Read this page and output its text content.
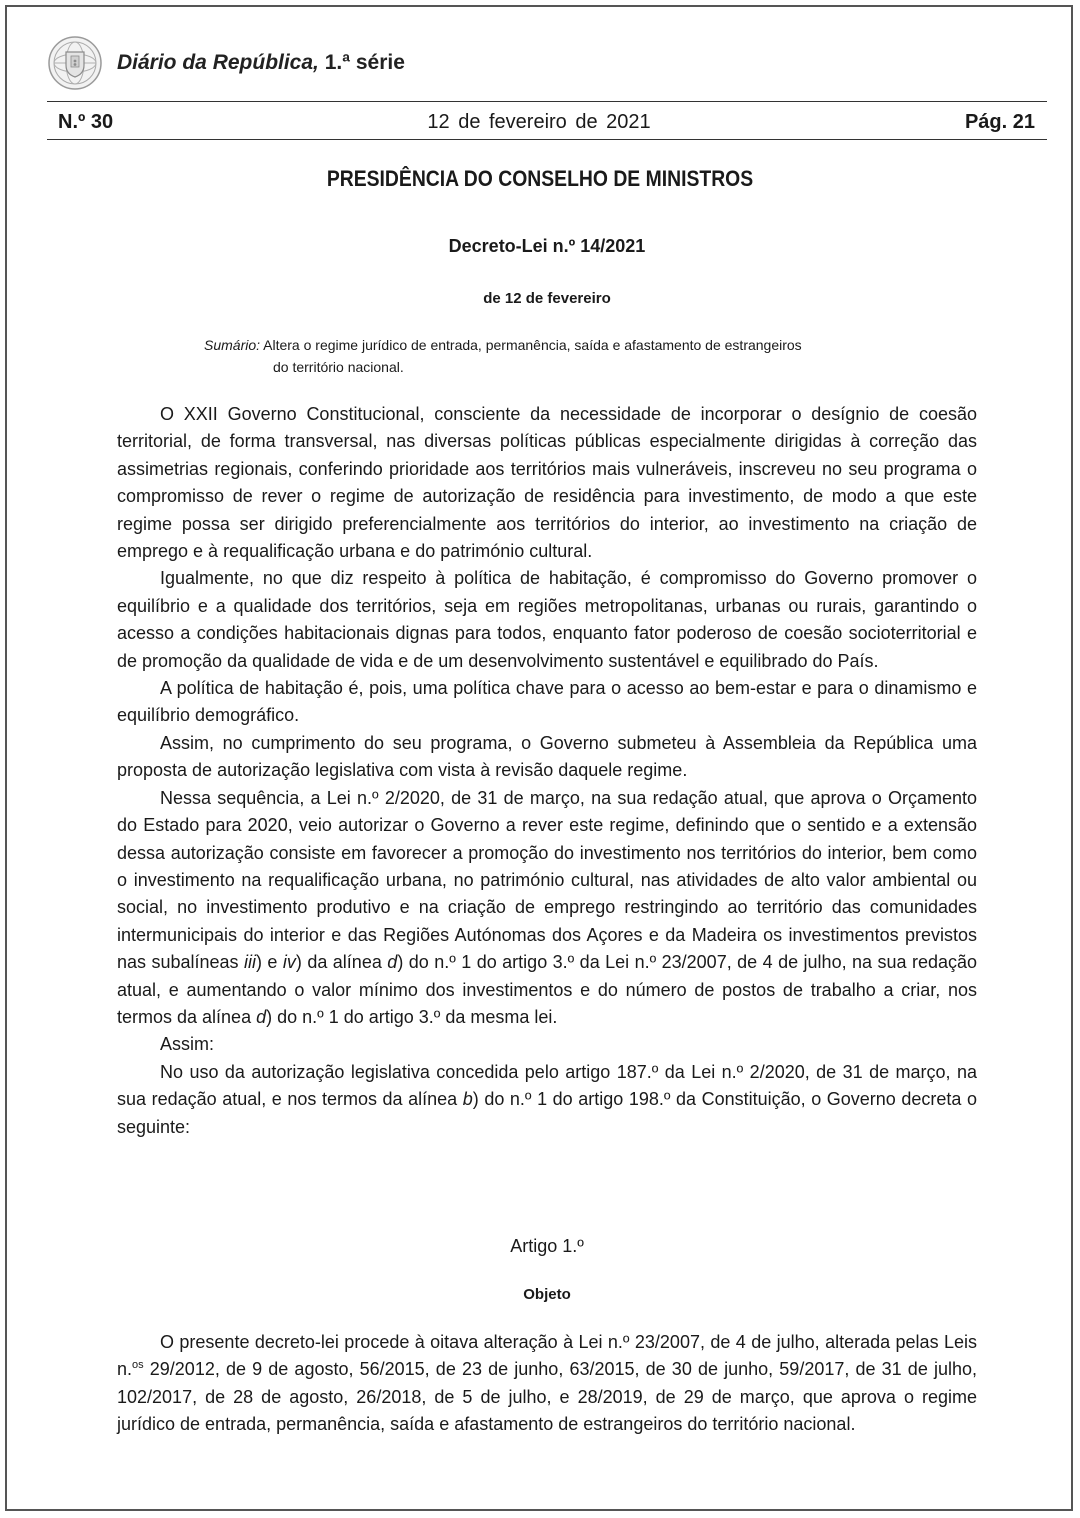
Diário da República, 1.ª série
N.º 30	12 de fevereiro de 2021	Pág. 21
PRESIDÊNCIA DO CONSELHO DE MINISTROS
Decreto-Lei n.º 14/2021
de 12 de fevereiro
Sumário: Altera o regime jurídico de entrada, permanência, saída e afastamento de estrangeiros
do território nacional.

O XXII Governo Constitucional, consciente da necessidade de incorporar o desígnio de coesão territorial, de forma transversal, nas diversas políticas públicas especialmente dirigidas à correção das assimetrias regionais, conferindo prioridade aos territórios mais vulneráveis, inscreveu no seu programa o compromisso de rever o regime de autorização de residência para investimento, de modo a que este regime possa ser dirigido preferencialmente aos territórios do interior, ao investimento na criação de emprego e à requalificação urbana e do património cultural.

Igualmente, no que diz respeito à política de habitação, é compromisso do Governo promover o equilíbrio e a qualidade dos territórios, seja em regiões metropolitanas, urbanas ou rurais, garantindo o acesso a condições habitacionais dignas para todos, enquanto fator poderoso de coesão socioterritorial e de promoção da qualidade de vida e de um desenvolvimento sustentável e equilibrado do País.

A política de habitação é, pois, uma política chave para o acesso ao bem-estar e para o dinamismo e equilíbrio demográfico.

Assim, no cumprimento do seu programa, o Governo submeteu à Assembleia da República uma proposta de autorização legislativa com vista à revisão daquele regime.

Nessa sequência, a Lei n.º 2/2020, de 31 de março, na sua redação atual, que aprova o Orçamento do Estado para 2020, veio autorizar o Governo a rever este regime, definindo que o sentido e a extensão dessa autorização consiste em favorecer a promoção do investimento nos territórios do interior, bem como o investimento na requalificação urbana, no património cultural, nas atividades de alto valor ambiental ou social, no investimento produtivo e na criação de emprego restringindo ao território das comunidades intermunicipais do interior e das Regiões Autónomas dos Açores e da Madeira os investimentos previstos nas subalíneas iii) e iv) da alínea d) do n.º 1 do artigo 3.º da Lei n.º 23/2007, de 4 de julho, na sua redação atual, e aumentando o valor mínimo dos investimentos e do número de postos de trabalho a criar, nos termos da alínea d) do n.º 1 do artigo 3.º da mesma lei.

Assim:

No uso da autorização legislativa concedida pelo artigo 187.º da Lei n.º 2/2020, de 31 de março, na sua redação atual, e nos termos da alínea b) do n.º 1 do artigo 198.º da Constituição, o Governo decreta o seguinte:

Artigo 1.º
Objeto

O presente decreto-lei procede à oitava alteração à Lei n.º 23/2007, de 4 de julho, alterada pelas Leis n.$^{os}$ 29/2012, de 9 de agosto, 56/2015, de 23 de junho, 63/2015, de 30 de junho, 59/2017, de 31 de julho, 102/2017, de 28 de agosto, 26/2018, de 5 de julho, e 28/2019, de 29 de março, que aprova o regime jurídico de entrada, permanência, saída e afastamento de estrangeiros do território nacional.
